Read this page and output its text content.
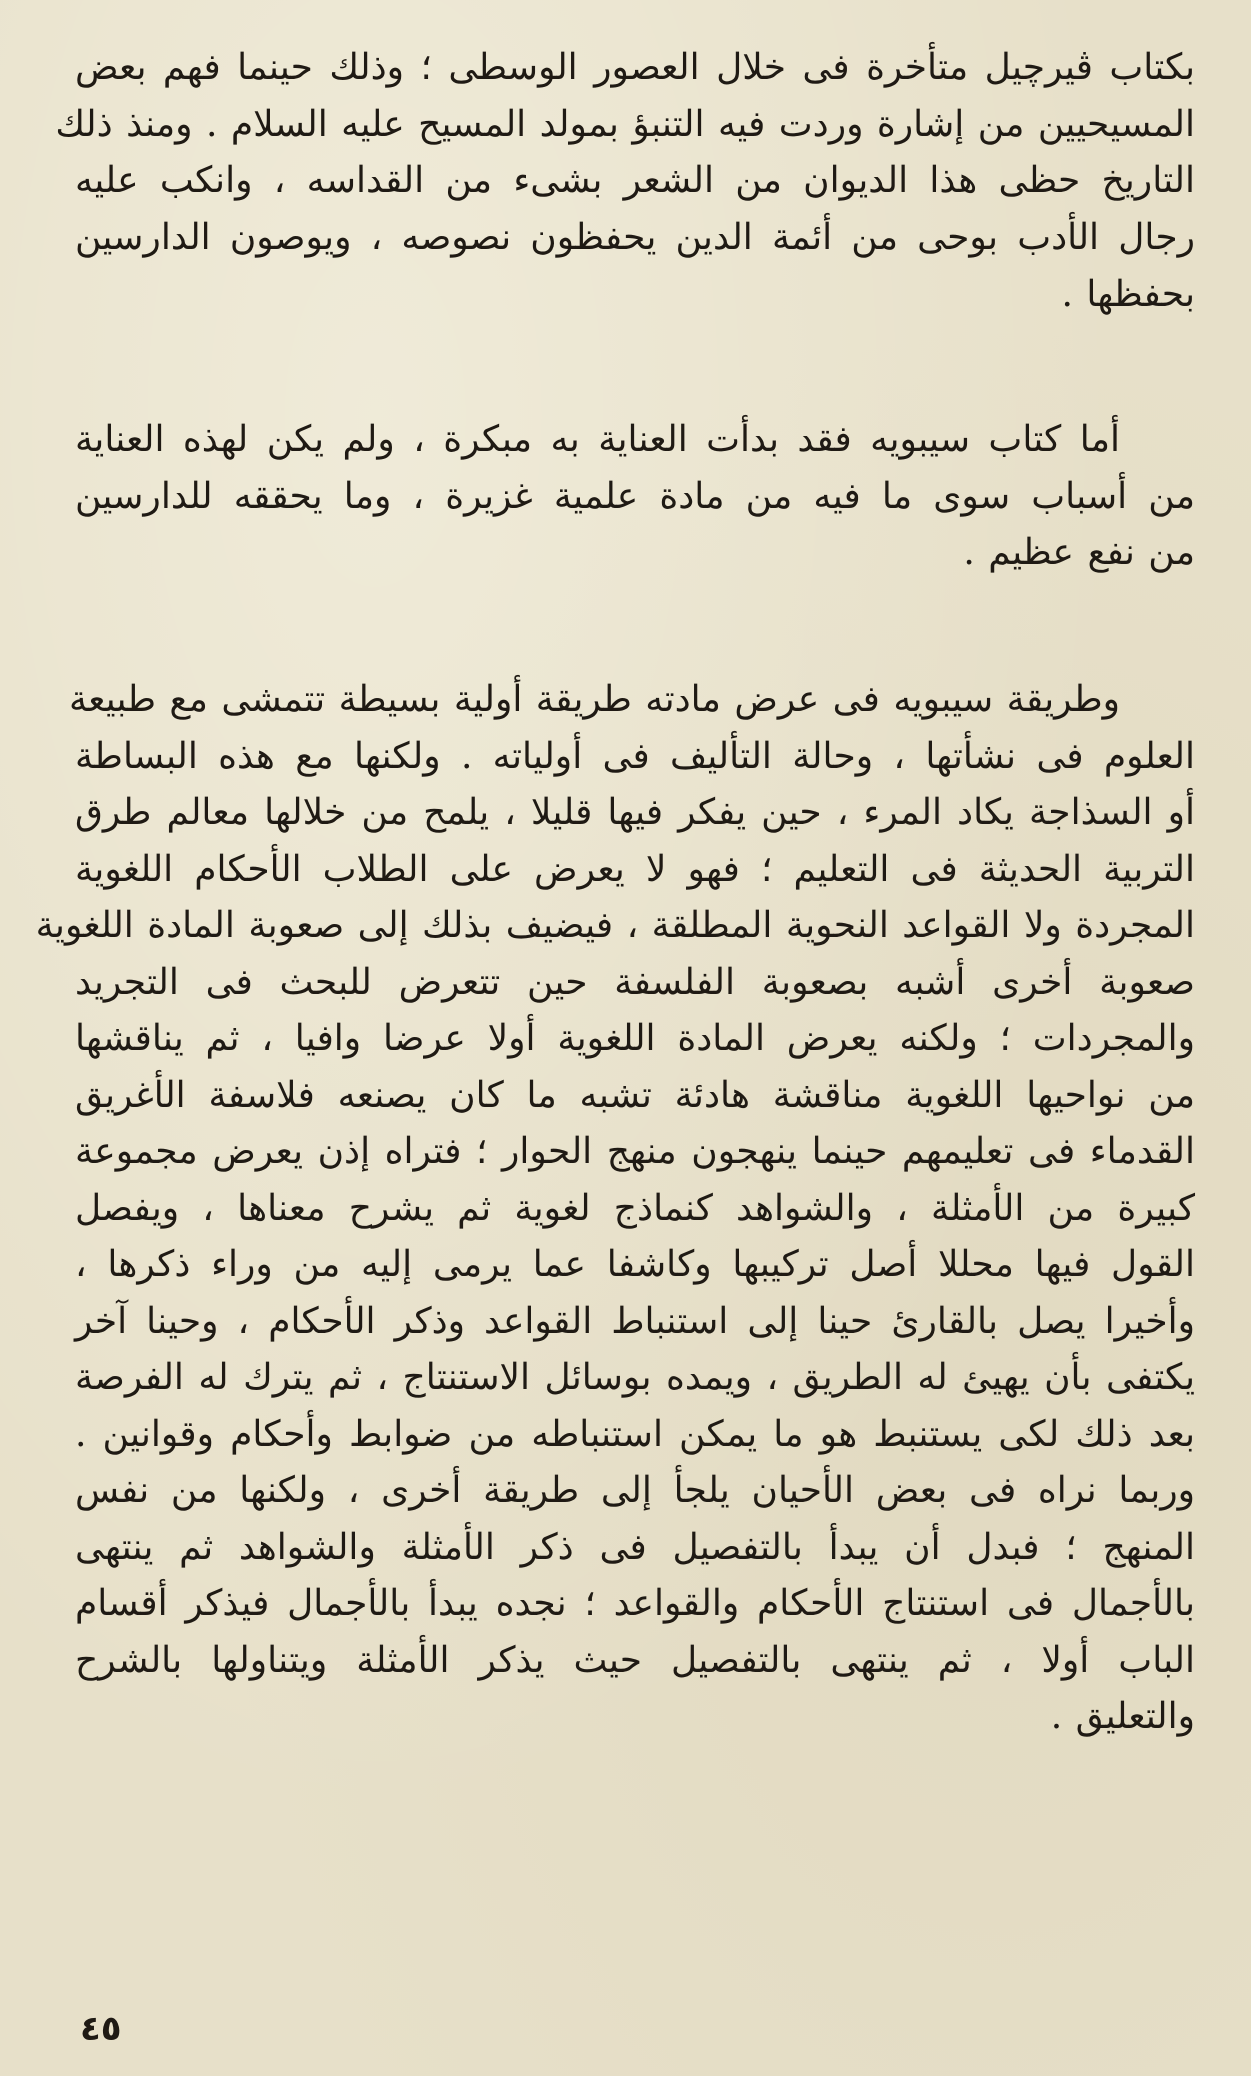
بكتاب ڤيرچيل متأخرة فى خلال العصور الوسطى ؛ وذلك حينما فهم بعض
المسيحيين من إشارة وردت فيه التنبؤ بمولد المسيح عليه السلام . ومنذ ذلك
التاريخ حظى هذا الديوان من الشعر بشىء من القداسه ، وانكب عليه
رجال الأدب بوحى من أئمة الدين يحفظون نصوصه ، ويوصون الدارسين
بحفظها .
أما كتاب سيبويه فقد بدأت العناية به مبكرة ، ولم يكن لهذه العناية
من أسباب سوى ما فيه من مادة علمية غزيرة ، وما يحققه للدارسين
من نفع عظيم .
وطريقة سيبويه فى عرض مادته طريقة أولية بسيطة تتمشى مع طبيعة
العلوم فى نشأتها ، وحالة التأليف فى أولياته . ولكنها مع هذه البساطة
أو السذاجة يكاد المرء ، حين يفكر فيها قليلا ، يلمح من خلالها معالم طرق
التربية الحديثة فى التعليم ؛ فهو لا يعرض على الطلاب الأحكام اللغوية
المجردة ولا القواعد النحوية المطلقة ، فيضيف بذلك إلى صعوبة المادة اللغوية
صعوبة أخرى أشبه بصعوبة الفلسفة حين تتعرض للبحث فى التجريد
والمجردات ؛ ولكنه يعرض المادة اللغوية أولا عرضا وافيا ، ثم يناقشها
من نواحيها اللغوية مناقشة هادئة تشبه ما كان يصنعه فلاسفة الأغريق
القدماء فى تعليمهم حينما ينهجون منهج الحوار ؛ فتراه إذن يعرض مجموعة
كبيرة من الأمثلة ، والشواهد كنماذج لغوية ثم يشرح معناها ، ويفصل
القول فيها محللا أصل تركيبها وكاشفا عما يرمى إليه من وراء ذكرها ،
وأخيرا يصل بالقارئ حينا إلى استنباط القواعد وذكر الأحكام ، وحينا آخر
يكتفى بأن يهيئ له الطريق ، ويمده بوسائل الاستنتاج ، ثم يترك له الفرصة
بعد ذلك لكى يستنبط هو ما يمكن استنباطه من ضوابط وأحكام وقوانين .
وربما نراه فى بعض الأحيان يلجأ إلى طريقة أخرى ، ولكنها من نفس
المنهج ؛ فبدل أن يبدأ بالتفصيل فى ذكر الأمثلة والشواهد ثم ينتهى
بالأجمال فى استنتاج الأحكام والقواعد ؛ نجده يبدأ بالأجمال فيذكر أقسام
الباب أولا ، ثم ينتهى بالتفصيل حيث يذكر الأمثلة ويتناولها بالشرح
والتعليق .
٤٥
